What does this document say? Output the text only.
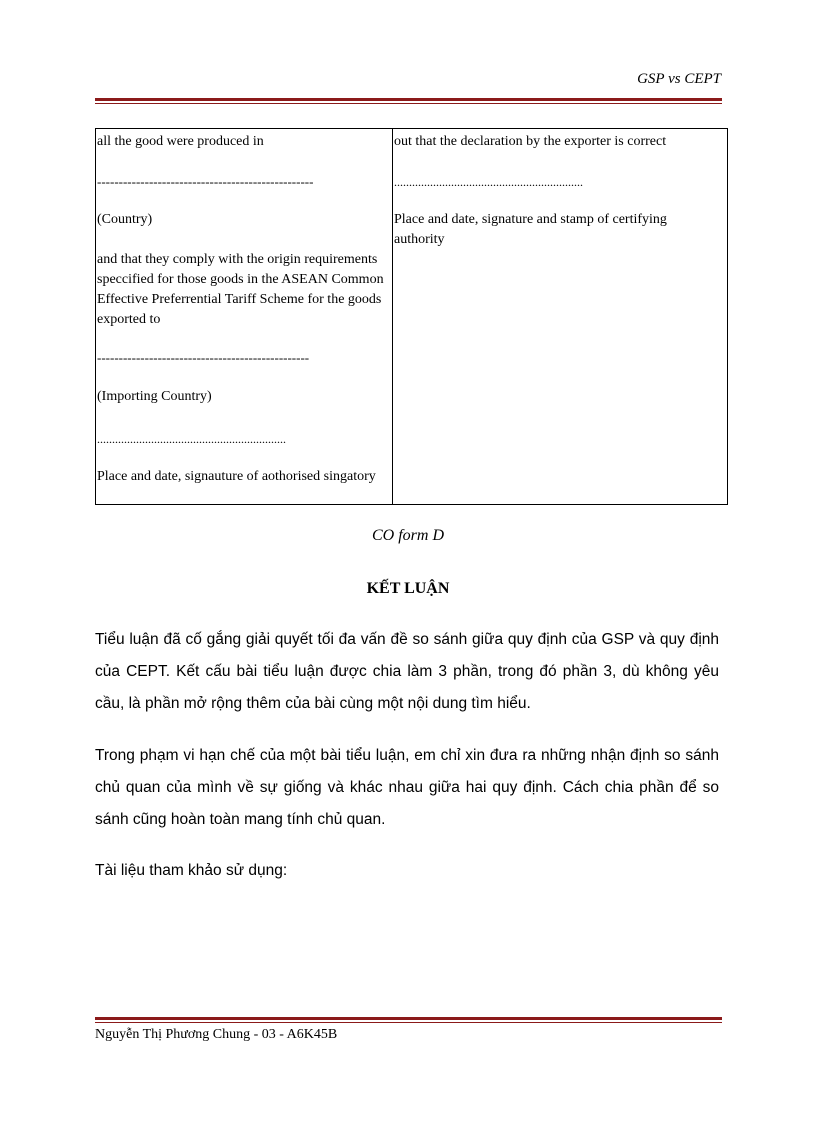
GSP vs CEPT
all the good were produced in
--------------------------------------------------
(Country)
and that they comply with the origin requirements speccified for those goods in the ASEAN Common Effective Preferrential Tariff Scheme for the goods exported to
-------------------------------------------------
(Importing Country)
...............................................................
Place and date, signauture of aothorised singatory
out that the declaration by the exporter is correct
...............................................................
Place and date, signature and stamp of certifying authority
CO form D
KẾT LUẬN
Tiểu luận đã cố gắng giải quyết tối đa vấn đề so sánh giữa quy định của GSP và quy định của CEPT. Kết cấu bài tiểu luận được chia làm 3 phần, trong đó phần 3, dù không yêu cầu, là phần mở rộng thêm của bài cùng một nội dung tìm hiểu.
Trong phạm vi hạn chế của một bài tiểu luận, em chỉ xin đưa ra những nhận định so sánh chủ quan của mình về sự giống và khác nhau giữa hai quy định. Cách chia phần để so sánh cũng hoàn toàn mang tính chủ quan.
Tài liệu tham khảo sử dụng:
Nguyễn Thị Phương Chung - 03 - A6K45B
